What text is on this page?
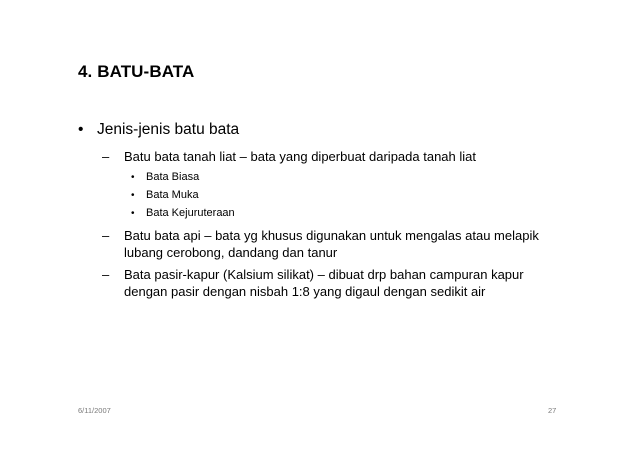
4. BATU-BATA
• Jenis-jenis batu bata
–	Batu bata tanah liat – bata yang diperbuat daripada tanah liat
•	Bata Biasa
•	Bata Muka
•	Bata Kejuruteraan
–	Batu bata api – bata yg khusus digunakan untuk mengalas atau melapik lubang cerobong, dandang dan tanur
–	Bata pasir-kapur (Kalsium silikat) – dibuat drp bahan campuran kapur dengan pasir dengan nisbah 1:8 yang digaul dengan sedikit air
6/11/2007	27
